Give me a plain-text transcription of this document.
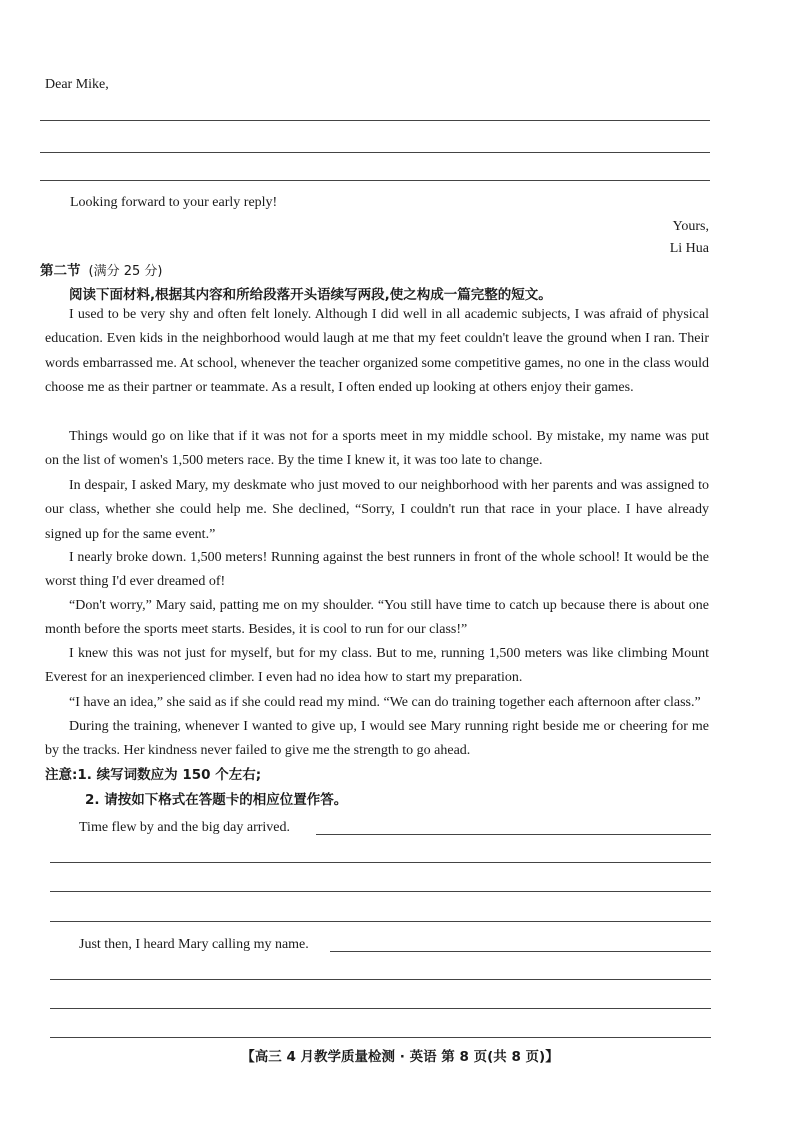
Dear Mike,
Looking forward to your early reply!
Yours,
Li Hua
第二节 (满分 25 分)
阅读下面材料,根据其内容和所给段落开头语续写两段,使之构成一篇完整的短文。

I used to be very shy and often felt lonely. Although I did well in all academic subjects, I was afraid of physical education. Even kids in the neighborhood would laugh at me that my feet couldn't leave the ground when I ran. Their words embarrassed me. At school, whenever the teacher organized some competitive games, no one in the class would choose me as their partner or teammate. As a result, I often ended up looking at others enjoy their games.

Things would go on like that if it was not for a sports meet in my middle school. By mistake, my name was put on the list of women's 1,500 meters race. By the time I knew it, it was too late to change.

In despair, I asked Mary, my deskmate who just moved to our neighborhood with her parents and was assigned to our class, whether she could help me. She declined, “Sorry, I couldn't run that race in your place. I have already signed up for the same event.”

I nearly broke down. 1,500 meters! Running against the best runners in front of the whole school! It would be the worst thing I'd ever dreamed of!

“Don't worry,” Mary said, patting me on my shoulder. “You still have time to catch up because there is about one month before the sports meet starts. Besides, it is cool to run for our class!”

I knew this was not just for myself, but for my class. But to me, running 1,500 meters was like climbing Mount Everest for an inexperienced climber. I even had no idea how to start my preparation.

“I have an idea,” she said as if she could read my mind. “We can do training together each afternoon after class.”

During the training, whenever I wanted to give up, I would see Mary running right beside me or cheering for me by the tracks. Her kindness never failed to give me the strength to go ahead.

注意:1. 续写词数应为 150 个左右;
2. 请按如下格式在答题卡的相应位置作答。
Time flew by and the big day arrived.
Just then, I heard Mary calling my name.
【高三 4 月教学质量检测 · 英语 第 8 页(共 8 页)】
